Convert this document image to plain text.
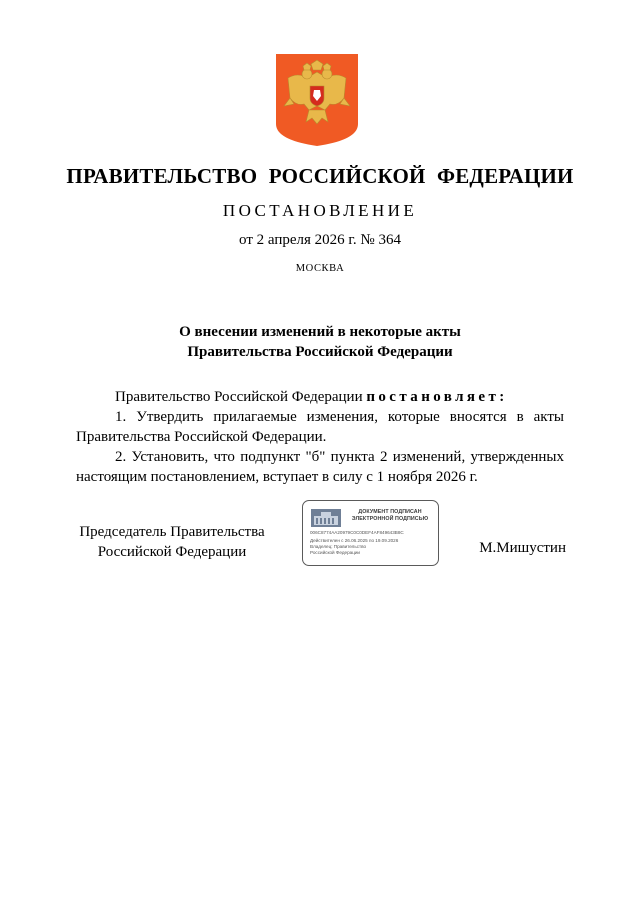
ПРАВИТЕЛЬСТВО РОССИЙСКОЙ ФЕДЕРАЦИИ
ПОСТАНОВЛЕНИЕ
от 2 апреля 2026 г. № 364
МОСКВА
О внесении изменений в некоторые акты
Правительства Российской Федерации

Правительство Российской Федерации постановляет:

1. Утвердить прилагаемые изменения, которые вносятся в акты Правительства Российской Федерации.

2. Установить, что подпункт "б" пункта 2 изменений, утвержденных настоящим постановлением, вступает в силу с 1 ноября 2026 г.

Председатель Правительства
Российской Федерации
ДОКУМЕНТ ПОДПИСАН
ЭЛЕКТРОННОЙ ПОДПИСЬЮ
006C8774AA20979C0C0DEF4AF849643B8C
Действителен с 26.06.2025 по 19.09.2026
Владелец: Правительство Российской Федерации	М.Мишустин
